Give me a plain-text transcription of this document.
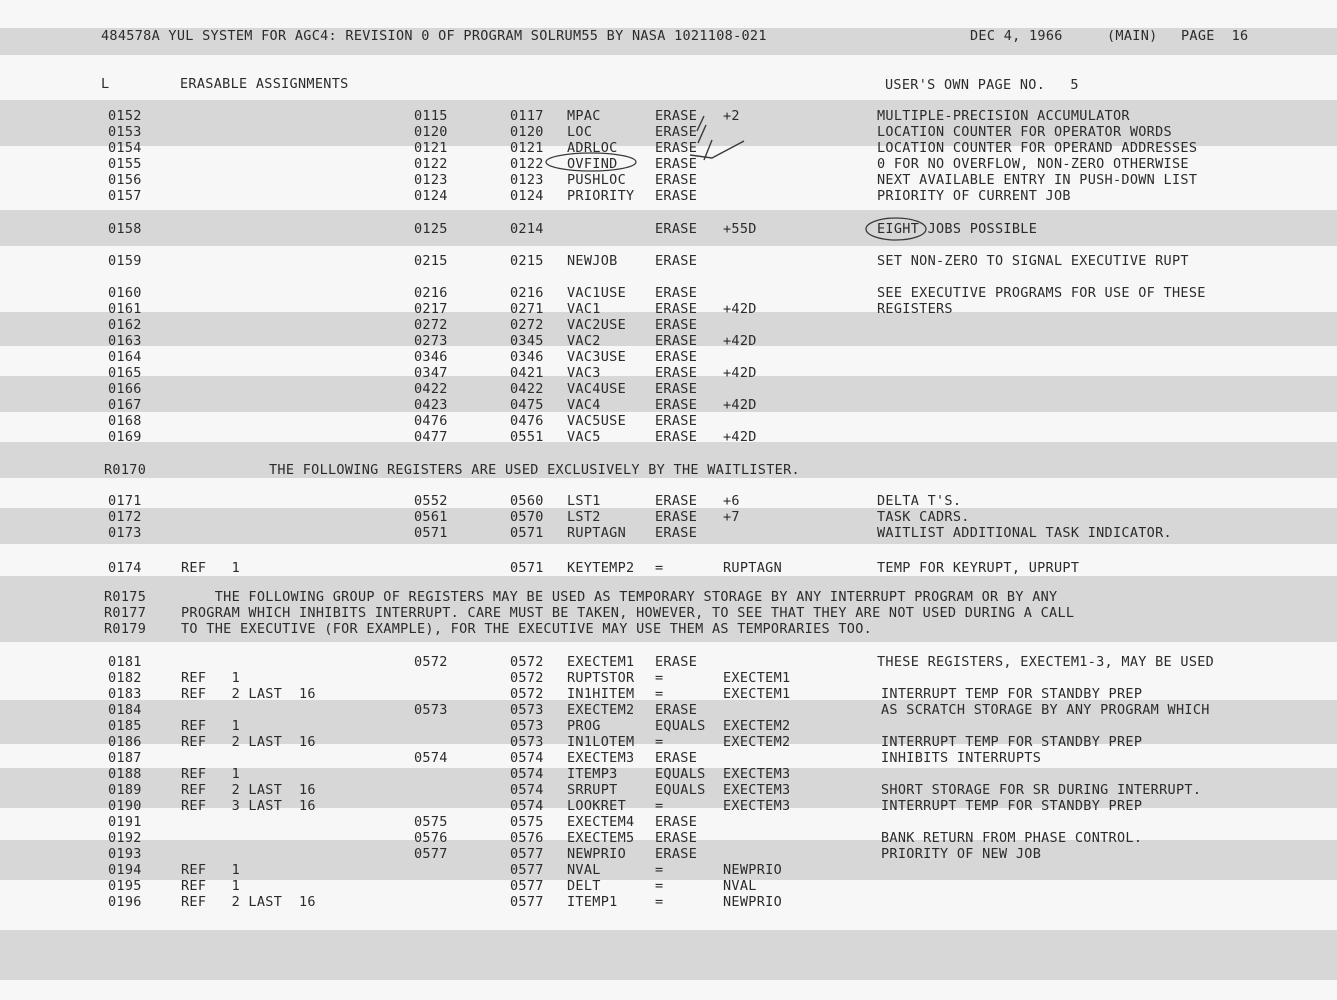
484578A YUL SYSTEM FOR AGC4: REVISION 0 OF PROGRAM SOLRUM55 BY NASA 1021108-021	DEC 4, 1966	(MAIN) PAGE  16
L	ERASABLE ASSIGNMENTS	USER'S OWN PAGE NO.   5
0152	0115	0117 MPAC	ERASE +2	MULTIPLE-PRECISION ACCUMULATOR
0153	0120	0120 LOC	ERASE	LOCATION COUNTER FOR OPERATOR WORDS
0154	0121	0121 ADRLOC	ERASE	LOCATION COUNTER FOR OPERAND ADDRESSES
0155	0122	0122 OVFIND	ERASE	0 FOR NO OVERFLOW, NON-ZERO OTHERWISE
0156	0123	0123 PUSHLOC ERASE	NEXT AVAILABLE ENTRY IN PUSH-DOWN LIST
0157	0124	0124 PRIORITY ERASE	PRIORITY OF CURRENT JOB
0158	0125	0214	ERASE +55D	EIGHT JOBS POSSIBLE
0159	0215	0215 NEWJOB	ERASE	SET NON-ZERO TO SIGNAL EXECUTIVE RUPT
0160	0216	0216 VAC1USE ERASE	SEE EXECUTIVE PROGRAMS FOR USE OF THESE
0161	0217	0271 VAC1	ERASE +42D	REGISTERS
0162	0272	0272 VAC2USE ERASE
0163	0273	0345 VAC2	ERASE +42D
0164	0346	0346 VAC3USE ERASE
0165	0347	0421 VAC3	ERASE +42D
0166	0422	0422 VAC4USE ERASE
0167	0423	0475 VAC4	ERASE +42D
0168	0476	0476 VAC5USE ERASE
0169	0477	0551 VAC5	ERASE +42D
R0170	THE FOLLOWING REGISTERS ARE USED EXCLUSIVELY BY THE WAITLISTER.
0171	0552	0560 LST1	ERASE +6	DELTA T'S.
0172	0561	0570 LST2	ERASE +7	TASK CADRS.
0173	0571	0571 RUPTAGN ERASE	WAITLIST ADDITIONAL TASK INDICATOR.
0174	REF   1	0571 KEYTEMP2 =	RUPTAGN	TEMP FOR KEYRUPT, UPRUPT
R0175	THE FOLLOWING GROUP OF REGISTERS MAY BE USED AS TEMPORARY STORAGE BY ANY INTERRUPT PROGRAM OR BY ANY
R0177	PROGRAM WHICH INHIBITS INTERRUPT. CARE MUST BE TAKEN, HOWEVER, TO SEE THAT THEY ARE NOT USED DURING A CALL
R0179	TO THE EXECUTIVE (FOR EXAMPLE), FOR THE EXECUTIVE MAY USE THEM AS TEMPORARIES TOO.
0181	0572	0572 EXECTEM1 ERASE	THESE REGISTERS, EXECTEM1-3, MAY BE USED
0182	REF   1	0572 RUPTSTOR =	EXECTEM1
0183	REF   2 LAST  16	0572 IN1HITEM =	EXECTEM1	INTERRUPT TEMP FOR STANDBY PREP
0184	0573	0573 EXECTEM2 ERASE	AS SCRATCH STORAGE BY ANY PROGRAM WHICH
0185	REF   1	0573 PROG	EQUALS EXECTEM2
0186	REF   2 LAST  16	0573 IN1LOTEM =	EXECTEM2	INTERRUPT TEMP FOR STANDBY PREP
0187	0574	0574 EXECTEM3 ERASE	INHIBITS INTERRUPTS
0188	REF   1	0574 ITEMP3	EQUALS EXECTEM3
0189	REF   2 LAST  16	0574 SRRUPT	EQUALS EXECTEM3	SHORT STORAGE FOR SR DURING INTERRUPT.
0190	REF   3 LAST  16	0574 LOOKRET =	EXECTEM3	INTERRUPT TEMP FOR STANDBY PREP
0191	0575	0575 EXECTEM4 ERASE
0192	0576	0576 EXECTEM5 ERASE	BANK RETURN FROM PHASE CONTROL.
0193	0577	0577 NEWPRIO ERASE	PRIORITY OF NEW JOB
0194	REF   1	0577 NVAL	=	NEWPRIO
0195	REF   1	0577 DELT	=	NVAL
0196	REF   2 LAST  16	0577 ITEMP1	=	NEWPRIO
